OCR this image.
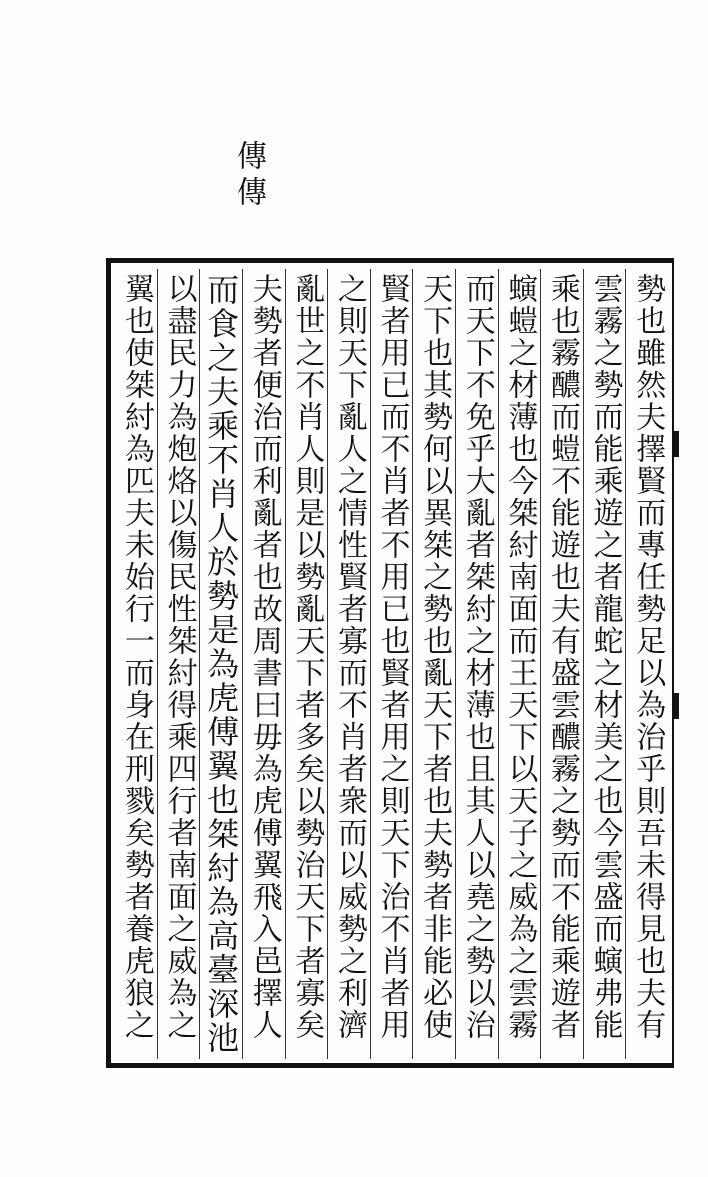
傳傳
勢也雖然夫擇賢而專任勢足以為治乎則吾未得見也夫有
雲霧之勢而能乘遊之者龍蛇之材美之也今雲盛而螾弗能
乘也霧醲而螘不能遊也夫有盛雲醲霧之勢而不能乘遊者
螾螘之材薄也今桀紂南面而王天下以天子之威為之雲霧
而天下不免乎大亂者桀紂之材薄也且其人以堯之勢以治
天下也其勢何以異桀之勢也亂天下者也夫勢者非能必使
賢者用已而不肖者不用已也賢者用之則天下治不肖者用
之則天下亂人之情性賢者寡而不肖者衆而以威勢之利濟
亂世之不肖人則是以勢亂天下者多矣以勢治天下者寡矣
夫勢者便治而利亂者也故周書曰毋為虎傅翼飛入邑擇人
而食之夫乘不肖人於勢是為虎傅翼也桀紂為高臺深池
以盡民力為炮烙以傷民性桀紂得乘四行者南面之威為之
翼也使桀紂為匹夫未始行一而身在刑戮矣勢者養虎狼之
